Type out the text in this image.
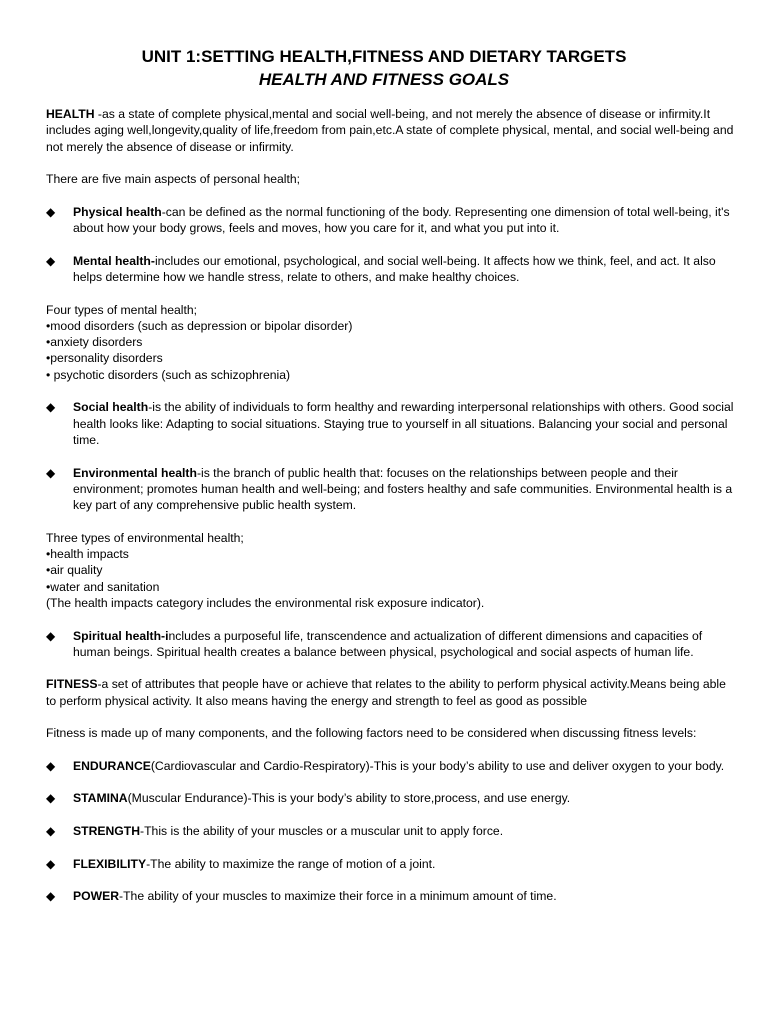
UNIT 1:SETTING HEALTH,FITNESS AND DIETARY TARGETS
HEALTH AND FITNESS GOALS

HEALTH -as a state of complete physical,mental and social well-being, and not merely the absence of disease or infirmity.It includes aging well,longevity,quality of life,freedom from pain,etc.A state of complete physical, mental, and social well-being and not merely the absence of disease or infirmity.

There are five main aspects of personal health;

◆ Physical health-can be defined as the normal functioning of the body. Representing one dimension of total well-being, it's about how your body grows, feels and moves, how you care for it, and what you put into it.

◆ Mental health-includes our emotional, psychological, and social well-being. It affects how we think, feel, and act. It also helps determine how we handle stress, relate to others, and make healthy choices.

Four types of mental health;

•mood disorders (such as depression or bipolar disorder)

•anxiety disorders

•personality disorders

• psychotic disorders (such as schizophrenia)

◆ Social health-is the ability of individuals to form healthy and rewarding interpersonal relationships with others. Good social health looks like: Adapting to social situations. Staying true to yourself in all situations. Balancing your social and personal time.

◆ Environmental health-is the branch of public health that: focuses on the relationships between people and their environment; promotes human health and well-being; and fosters healthy and safe communities. Environmental health is a key part of any comprehensive public health system.

Three types of environmental health;

•health impacts

•air quality

•water and sanitation

(The health impacts category includes the environmental risk exposure indicator).

◆ Spiritual health-includes a purposeful life, transcendence and actualization of different dimensions and capacities of human beings. Spiritual health creates a balance between physical, psychological and social aspects of human life.

FITNESS-a set of attributes that people have or achieve that relates to the ability to perform physical activity.Means being able to perform physical activity. It also means having the energy and strength to feel as good as possible

Fitness is made up of many components, and the following factors need to be considered when discussing fitness levels:

◆ ENDURANCE(Cardiovascular and Cardio-Respiratory)-This is your body’s ability to use and deliver oxygen to your body.

◆ STAMINA(Muscular Endurance)-This is your body’s ability to store,process, and use energy.

◆ STRENGTH-This is the ability of your muscles or a muscular unit to apply force.

◆ FLEXIBILITY-The ability to maximize the range of motion of a joint.

◆ POWER-The ability of your muscles to maximize their force in a minimum amount of time.
